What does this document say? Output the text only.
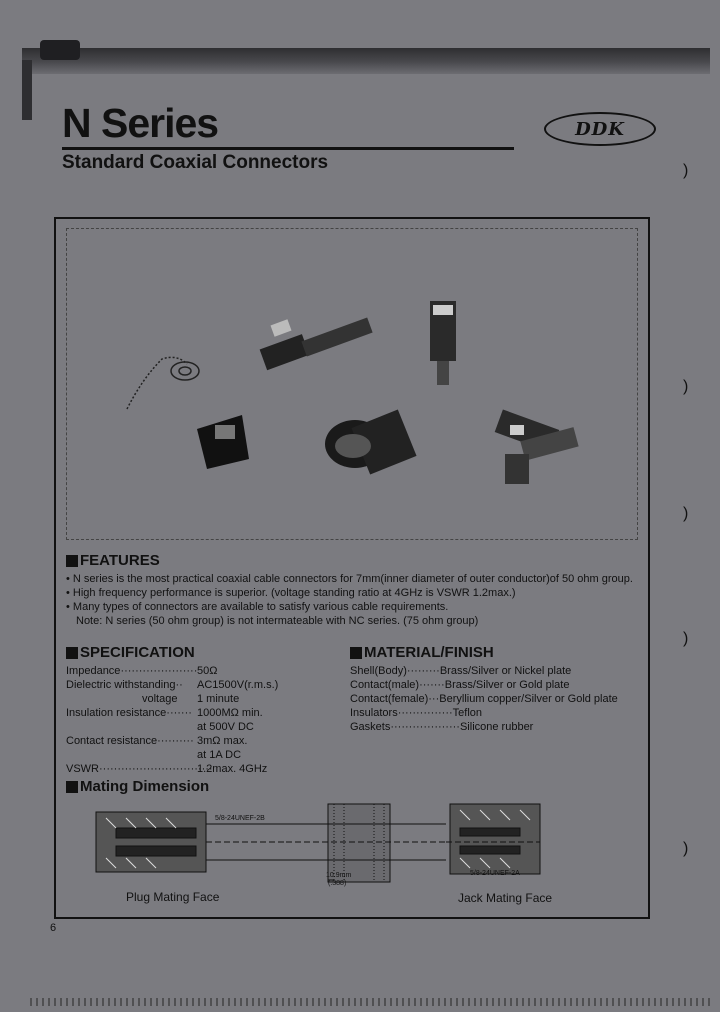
N Series
Standard Coaxial Connectors
DDK
)
)
)
)
)
FEATURES
• N series is the most practical coaxial cable connectors for 7mm(inner diameter of outer conductor)of 50 ohm group.
• High frequency performance is superior. (voltage standing ratio at 4GHz is VSWR 1.2max.)
• Many types of connectors are available to satisfy various cable requirements.
Note: N series (50 ohm group) is not intermateable with NC series. (75 ohm group)
SPECIFICATION
Impedance····················· 50Ω
Dielectric withstanding·· AC1500V(r.m.s.)
voltage 1 minute
Insulation resistance······· 1000MΩ min.
at 500V DC
Contact resistance·········· 3mΩ max.
at 1A DC
VSWR·······························
1.2max. 4GHz
MATERIAL/FINISH
Shell(Body)·········Brass/Silver or Nickel plate
Contact(male)·······Brass/Silver or Gold plate
Contact(female)···Beryllium copper/Silver or Gold plate
Insulators···············Teflon
Gaskets···················Silicone rubber
Mating Dimension
5/8-24UNEF-2B
5/8-24UNEF-2A
10.9mm
(.388)
Plug Mating Face	Jack Mating Face
6
